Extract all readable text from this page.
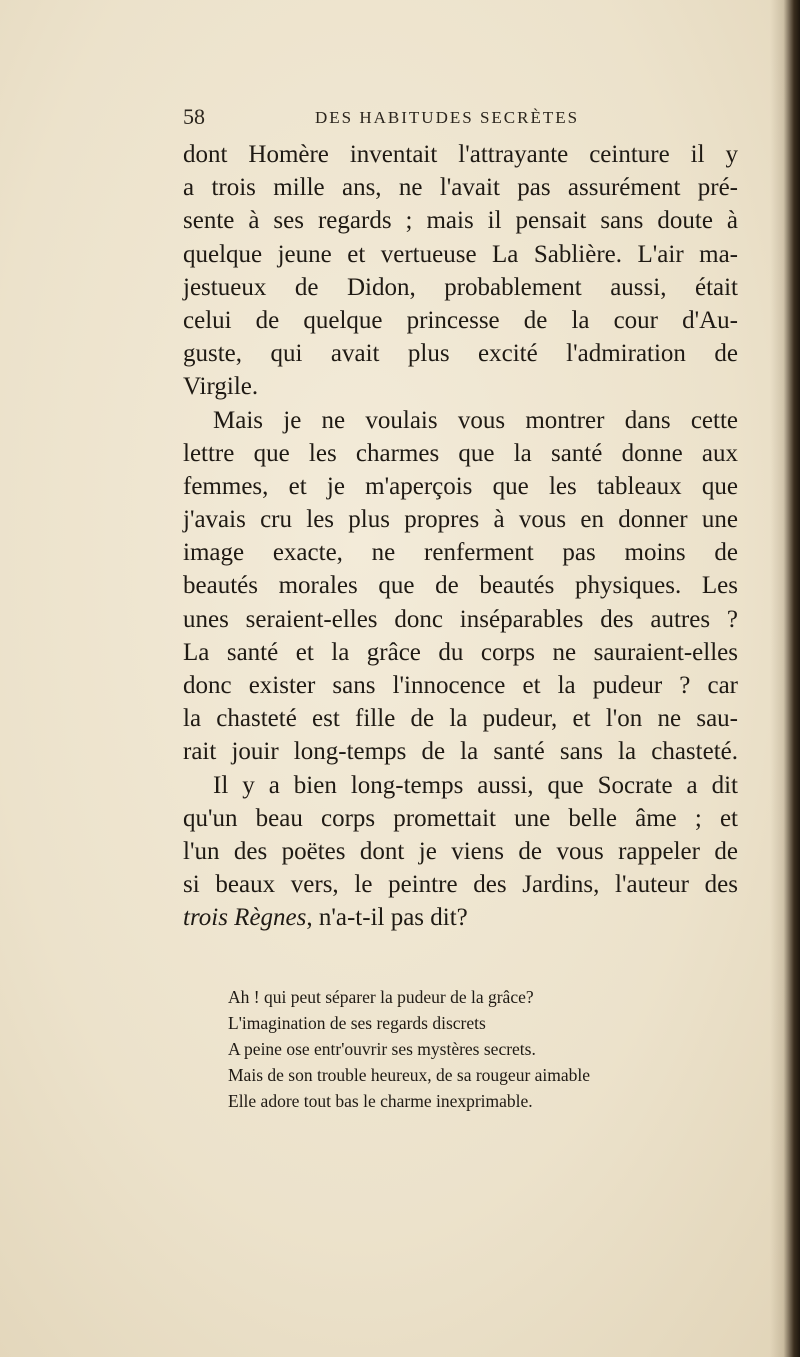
58	DES HABITUDES SECRÈTES
dont Homère inventait l'attrayante ceinture il y
a trois mille ans, ne l'avait pas assurément pré-
sente à ses regards ; mais il pensait sans doute à
quelque jeune et vertueuse La Sablière. L'air ma-
jestueux de Didon, probablement aussi, était
celui de quelque princesse de la cour d'Au-
guste, qui avait plus excité l'admiration de
Virgile.
Mais je ne voulais vous montrer dans cette
lettre que les charmes que la santé donne aux
femmes, et je m'aperçois que les tableaux que
j'avais cru les plus propres à vous en donner une
image exacte, ne renferment pas moins de
beautés morales que de beautés physiques. Les
unes seraient-elles donc inséparables des autres ?
La santé et la grâce du corps ne sauraient-elles
donc exister sans l'innocence et la pudeur ? car
la chasteté est fille de la pudeur, et l'on ne sau-
rait jouir long-temps de la santé sans la chasteté.
Il y a bien long-temps aussi, que Socrate a dit
qu'un beau corps promettait une belle âme ; et
l'un des poëtes dont je viens de vous rappeler de
si beaux vers, le peintre des Jardins, l'auteur des
trois Règnes, n'a-t-il pas dit?
Ah ! qui peut séparer la pudeur de la grâce?
L'imagination de ses regards discrets
A peine ose entr'ouvrir ses mystères secrets.
Mais de son trouble heureux, de sa rougeur aimable
Elle adore tout bas le charme inexprimable.
